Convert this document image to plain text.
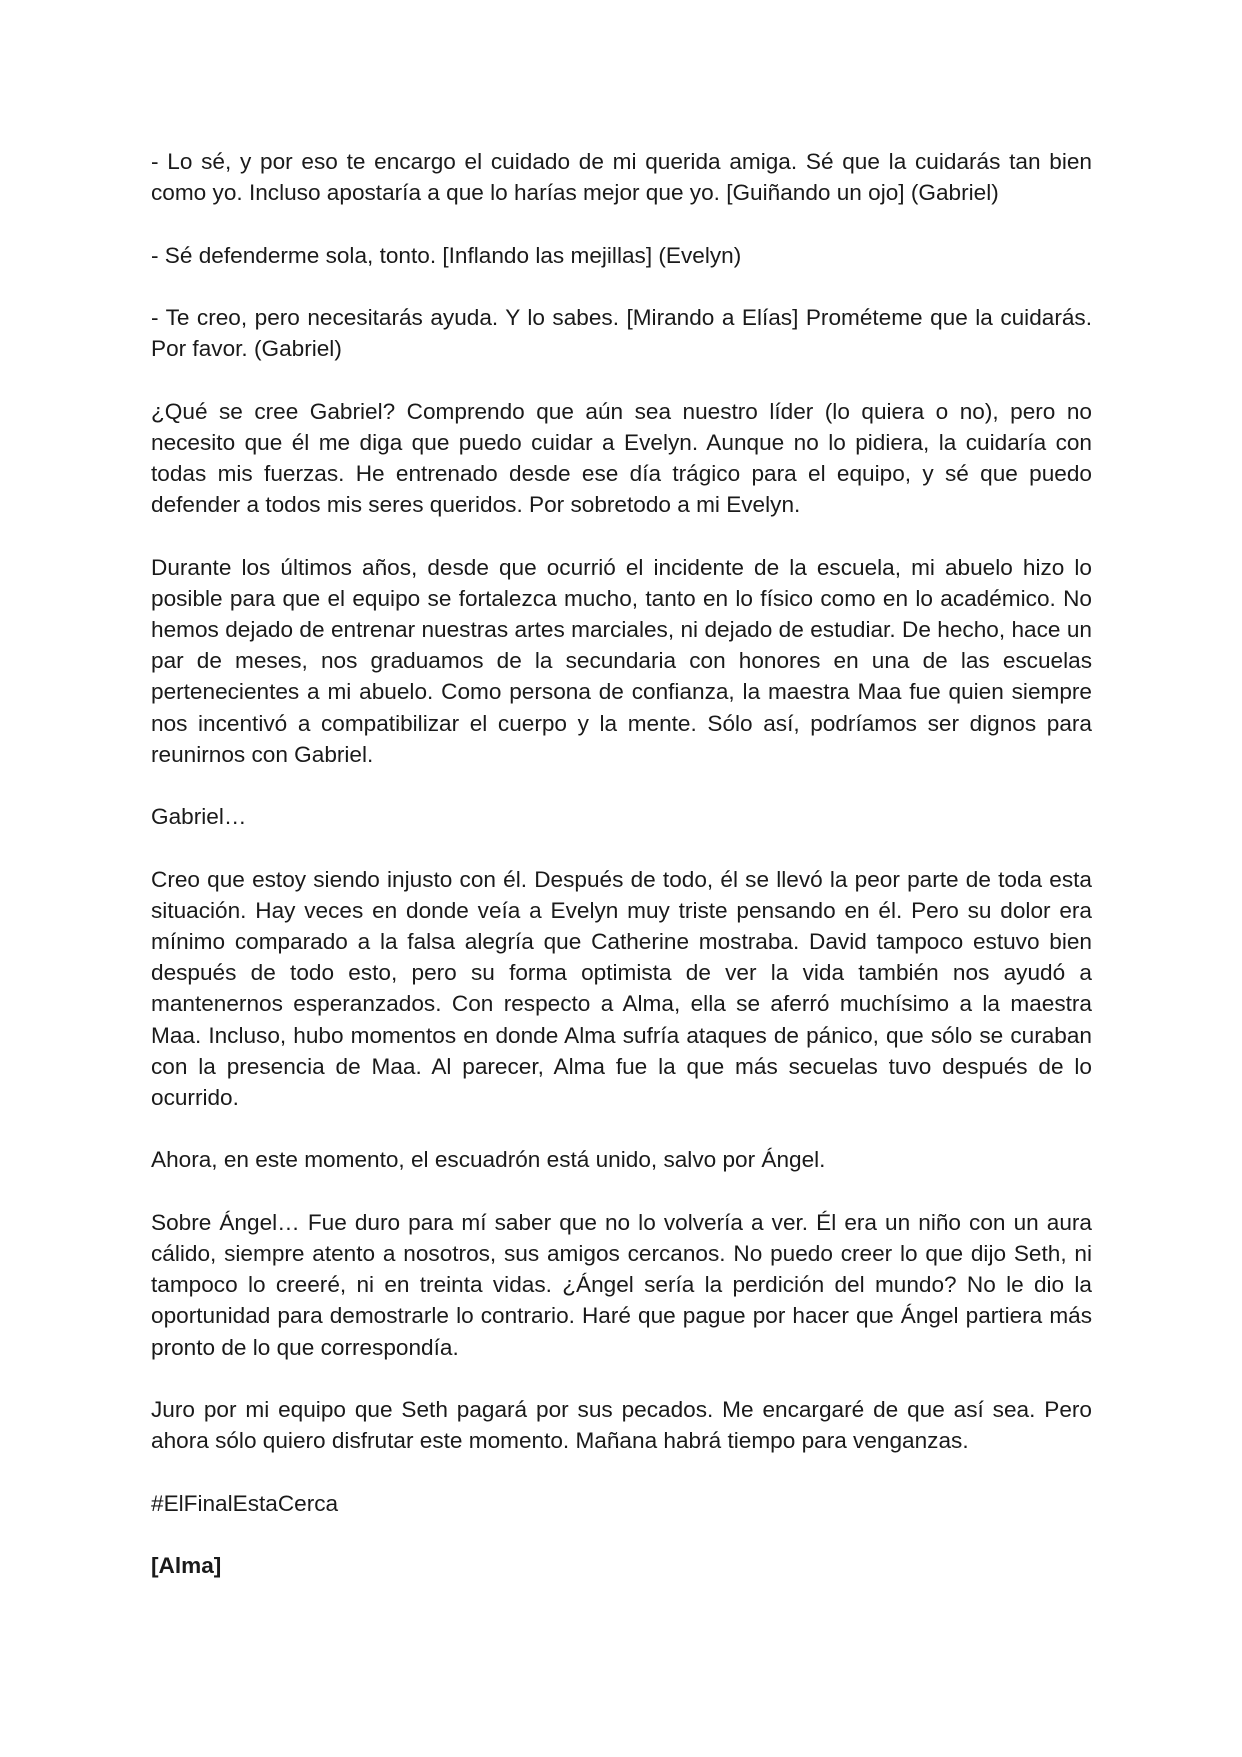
- Lo sé, y por eso te encargo el cuidado de mi querida amiga. Sé que la cuidarás tan bien como yo. Incluso apostaría a que lo harías mejor que yo. [Guiñando un ojo] (Gabriel)

- Sé defenderme sola, tonto. [Inflando las mejillas] (Evelyn)

- Te creo, pero necesitarás ayuda. Y lo sabes. [Mirando a Elías] Prométeme que la cuidarás. Por favor. (Gabriel)

¿Qué se cree Gabriel? Comprendo que aún sea nuestro líder (lo quiera o no), pero no necesito que él me diga que puedo cuidar a Evelyn. Aunque no lo pidiera, la cuidaría con todas mis fuerzas. He entrenado desde ese día trágico para el equipo, y sé que puedo defender a todos mis seres queridos. Por sobretodo a mi Evelyn.

Durante los últimos años, desde que ocurrió el incidente de la escuela, mi abuelo hizo lo posible para que el equipo se fortalezca mucho, tanto en lo físico como en lo académico. No hemos dejado de entrenar nuestras artes marciales, ni dejado de estudiar. De hecho, hace un par de meses, nos graduamos de la secundaria con honores en una de las escuelas pertenecientes a mi abuelo. Como persona de confianza, la maestra Maa fue quien siempre nos incentivó a compatibilizar el cuerpo y la mente. Sólo así, podríamos ser dignos para reunirnos con Gabriel.

Gabriel…

Creo que estoy siendo injusto con él. Después de todo, él se llevó la peor parte de toda esta situación. Hay veces en donde veía a Evelyn muy triste pensando en él. Pero su dolor era mínimo comparado a la falsa alegría que Catherine mostraba. David tampoco estuvo bien después de todo esto, pero su forma optimista de ver la vida también nos ayudó a mantenernos esperanzados. Con respecto a Alma, ella se aferró muchísimo a la maestra Maa. Incluso, hubo momentos en donde Alma sufría ataques de pánico, que sólo se curaban con la presencia de Maa. Al parecer, Alma fue la que más secuelas tuvo después de lo ocurrido.

Ahora, en este momento, el escuadrón está unido, salvo por Ángel.

Sobre Ángel… Fue duro para mí saber que no lo volvería a ver. Él era un niño con un aura cálido, siempre atento a nosotros, sus amigos cercanos. No puedo creer lo que dijo Seth, ni tampoco lo creeré, ni en treinta vidas. ¿Ángel sería la perdición del mundo? No le dio la oportunidad para demostrarle lo contrario. Haré que pague por hacer que Ángel partiera más pronto de lo que correspondía.

Juro por mi equipo que Seth pagará por sus pecados. Me encargaré de que así sea. Pero ahora sólo quiero disfrutar este momento. Mañana habrá tiempo para venganzas.

#ElFinalEstaCerca

[Alma]
